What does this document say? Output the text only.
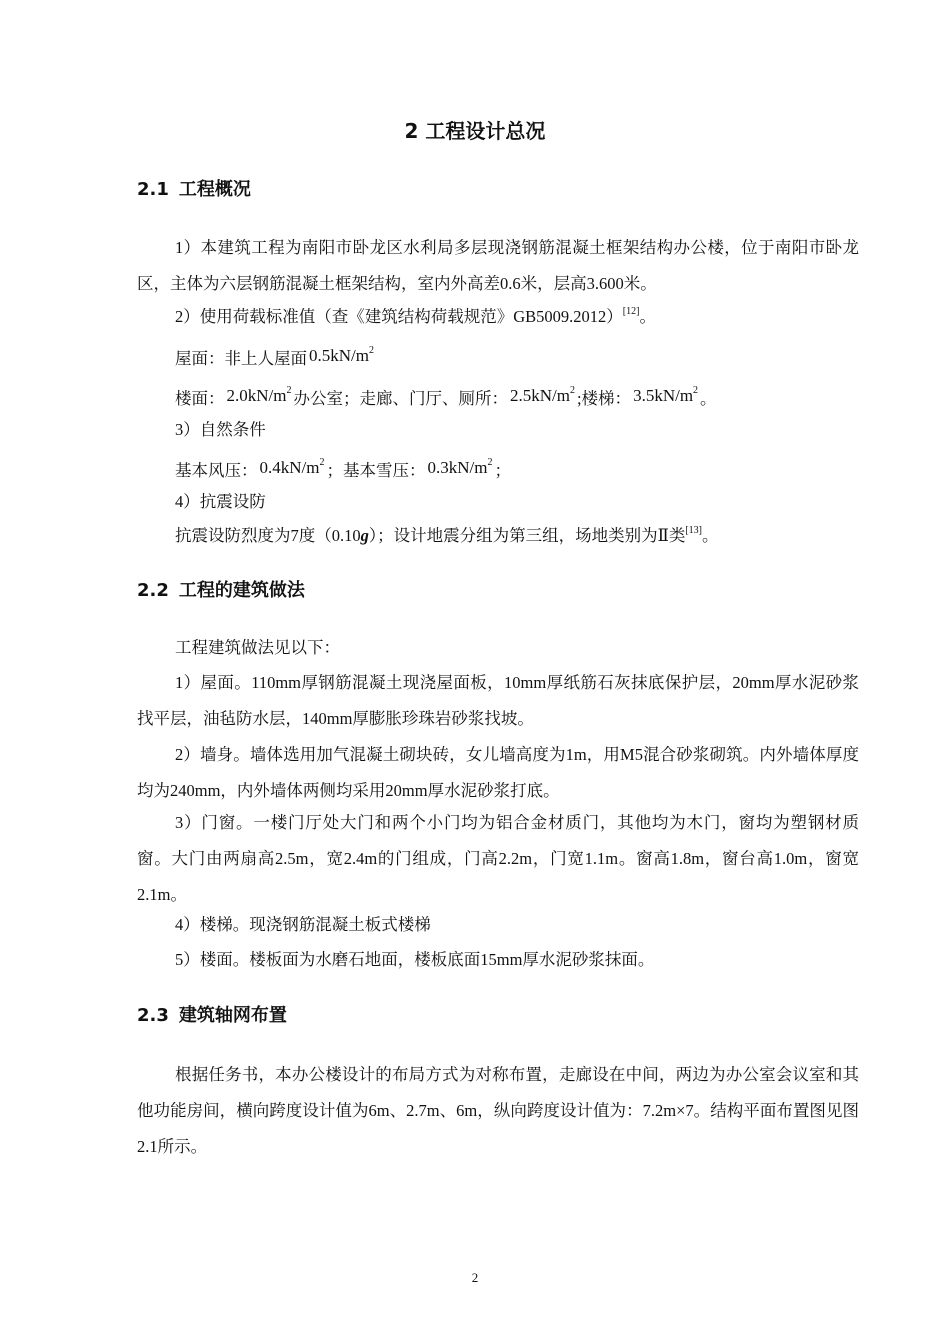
2 工程设计总况
2.1 工程概况
1）本建筑工程为南阳市卧龙区水利局多层现浇钢筋混凝土框架结构办公楼，位于南阳市卧龙区，主体为六层钢筋混凝土框架结构，室内外高差0.6米，层高3.600米。
2）使用荷载标准值（查《建筑结构荷载规范》GB5009.2012）[12]。
屋面：非上人屋面 $0.5kN/m^2$
楼面： $2.0kN/m^2$ 办公室；走廊、门厅、厕所： $2.5kN/m^2$ ;楼梯： $3.5kN/m^2$ 。
3）自然条件
基本风压： $0.4kN/m^2$ ；基本雪压： $0.3kN/m^2$ ；
4）抗震设防
抗震设防烈度为7度（0.10g）；设计地震分组为第三组，场地类别为Ⅱ类[13]。
2.2 工程的建筑做法
工程建筑做法见以下：
1）屋面。110mm厚钢筋混凝土现浇屋面板，10mm厚纸筋石灰抹底保护层，20mm厚水泥砂浆找平层，油毡防水层，140mm厚膨胀珍珠岩砂浆找坡。
2）墙身。墙体选用加气混凝土砌块砖，女儿墙高度为1m，用M5混合砂浆砌筑。内外墙体厚度均为240mm，内外墙体两侧均采用20mm厚水泥砂浆打底。
3）门窗。一楼门厅处大门和两个小门均为铝合金材质门，其他均为木门，窗均为塑钢材质窗。大门由两扇高2.5m，宽2.4m的门组成，门高2.2m，门宽1.1m。窗高1.8m，窗台高1.0m，窗宽2.1m。
4）楼梯。现浇钢筋混凝土板式楼梯
5）楼面。楼板面为水磨石地面，楼板底面15mm厚水泥砂浆抹面。
2.3 建筑轴网布置
根据任务书，本办公楼设计的布局方式为对称布置，走廊设在中间，两边为办公室会议室和其他功能房间，横向跨度设计值为6m、2.7m、6m，纵向跨度设计值为：7.2m×7。结构平面布置图见图2.1所示。
2
